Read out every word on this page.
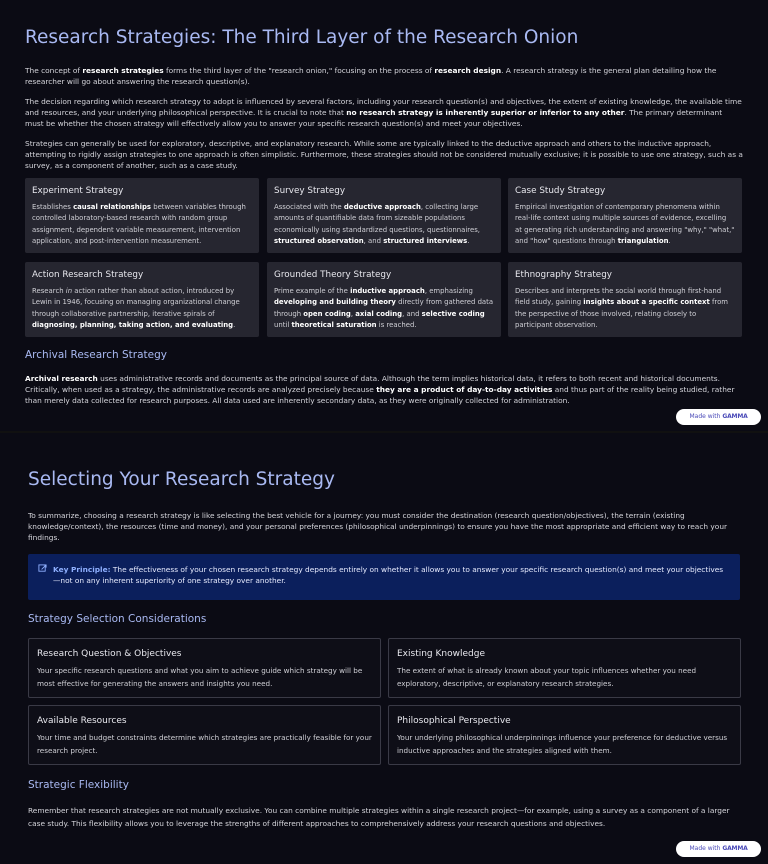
Research Strategies: The Third Layer of the Research Onion
The concept of research strategies forms the third layer of the "research onion," focusing on the process of research design. A research strategy is the general plan detailing how the researcher will go about answering the research question(s).
The decision regarding which research strategy to adopt is influenced by several factors, including your research question(s) and objectives, the extent of existing knowledge, the available time and resources, and your underlying philosophical perspective. It is crucial to note that no research strategy is inherently superior or inferior to any other. The primary determinant must be whether the chosen strategy will effectively allow you to answer your specific research question(s) and meet your objectives.
Strategies can generally be used for exploratory, descriptive, and explanatory research. While some are typically linked to the deductive approach and others to the inductive approach, attempting to rigidly assign strategies to one approach is often simplistic. Furthermore, these strategies should not be considered mutually exclusive; it is possible to use one strategy, such as a survey, as a component of another, such as a case study.
Experiment Strategy

Establishes causal relationships between variables through controlled laboratory-based research with random group assignment, dependent variable measurement, intervention application, and post-intervention measurement.

Survey Strategy

Associated with the deductive approach, collecting large amounts of quantifiable data from sizeable populations economically using standardized questions, questionnaires, structured observation, and structured interviews.

Case Study Strategy

Empirical investigation of contemporary phenomena within real-life context using multiple sources of evidence, excelling at generating rich understanding and answering "why," "what," and "how" questions through triangulation.

Action Research Strategy

Research in action rather than about action, introduced by Lewin in 1946, focusing on managing organizational change through collaborative partnership, iterative spirals of diagnosing, planning, taking action, and evaluating.

Grounded Theory Strategy

Prime example of the inductive approach, emphasizing developing and building theory directly from gathered data through open coding, axial coding, and selective coding until theoretical saturation is reached.

Ethnography Strategy

Describes and interprets the social world through first-hand field study, gaining insights about a specific context from the perspective of those involved, relating closely to participant observation.

Archival Research Strategy
Archival research uses administrative records and documents as the principal source of data. Although the term implies historical data, it refers to both recent and historical documents. Critically, when used as a strategy, the administrative records are analyzed precisely because they are a product of day-to-day activities and thus part of the reality being studied, rather than merely data collected for research purposes. All data used are inherently secondary data, as they were originally collected for administration.
Made with GAMMA
Selecting Your Research Strategy
To summarize, choosing a research strategy is like selecting the best vehicle for a journey: you must consider the destination (research question/objectives), the terrain (existing knowledge/context), the resources (time and money), and your personal preferences (philosophical underpinnings) to ensure you have the most appropriate and efficient way to reach your findings.
Key Principle: The effectiveness of your chosen research strategy depends entirely on whether it allows you to answer your specific research question(s) and meet your objectives—not on any inherent superiority of one strategy over another.
Strategy Selection Considerations
Research Question & Objectives

Your specific research questions and what you aim to achieve guide which strategy will be most effective for generating the answers and insights you need.

Existing Knowledge

The extent of what is already known about your topic influences whether you need exploratory, descriptive, or explanatory research strategies.

Available Resources

Your time and budget constraints determine which strategies are practically feasible for your research project.

Philosophical Perspective

Your underlying philosophical underpinnings influence your preference for deductive versus inductive approaches and the strategies aligned with them.

Strategic Flexibility
Remember that research strategies are not mutually exclusive. You can combine multiple strategies within a single research project—for example, using a survey as a component of a larger case study. This flexibility allows you to leverage the strengths of different approaches to comprehensively address your research questions and objectives.
Made with GAMMA
